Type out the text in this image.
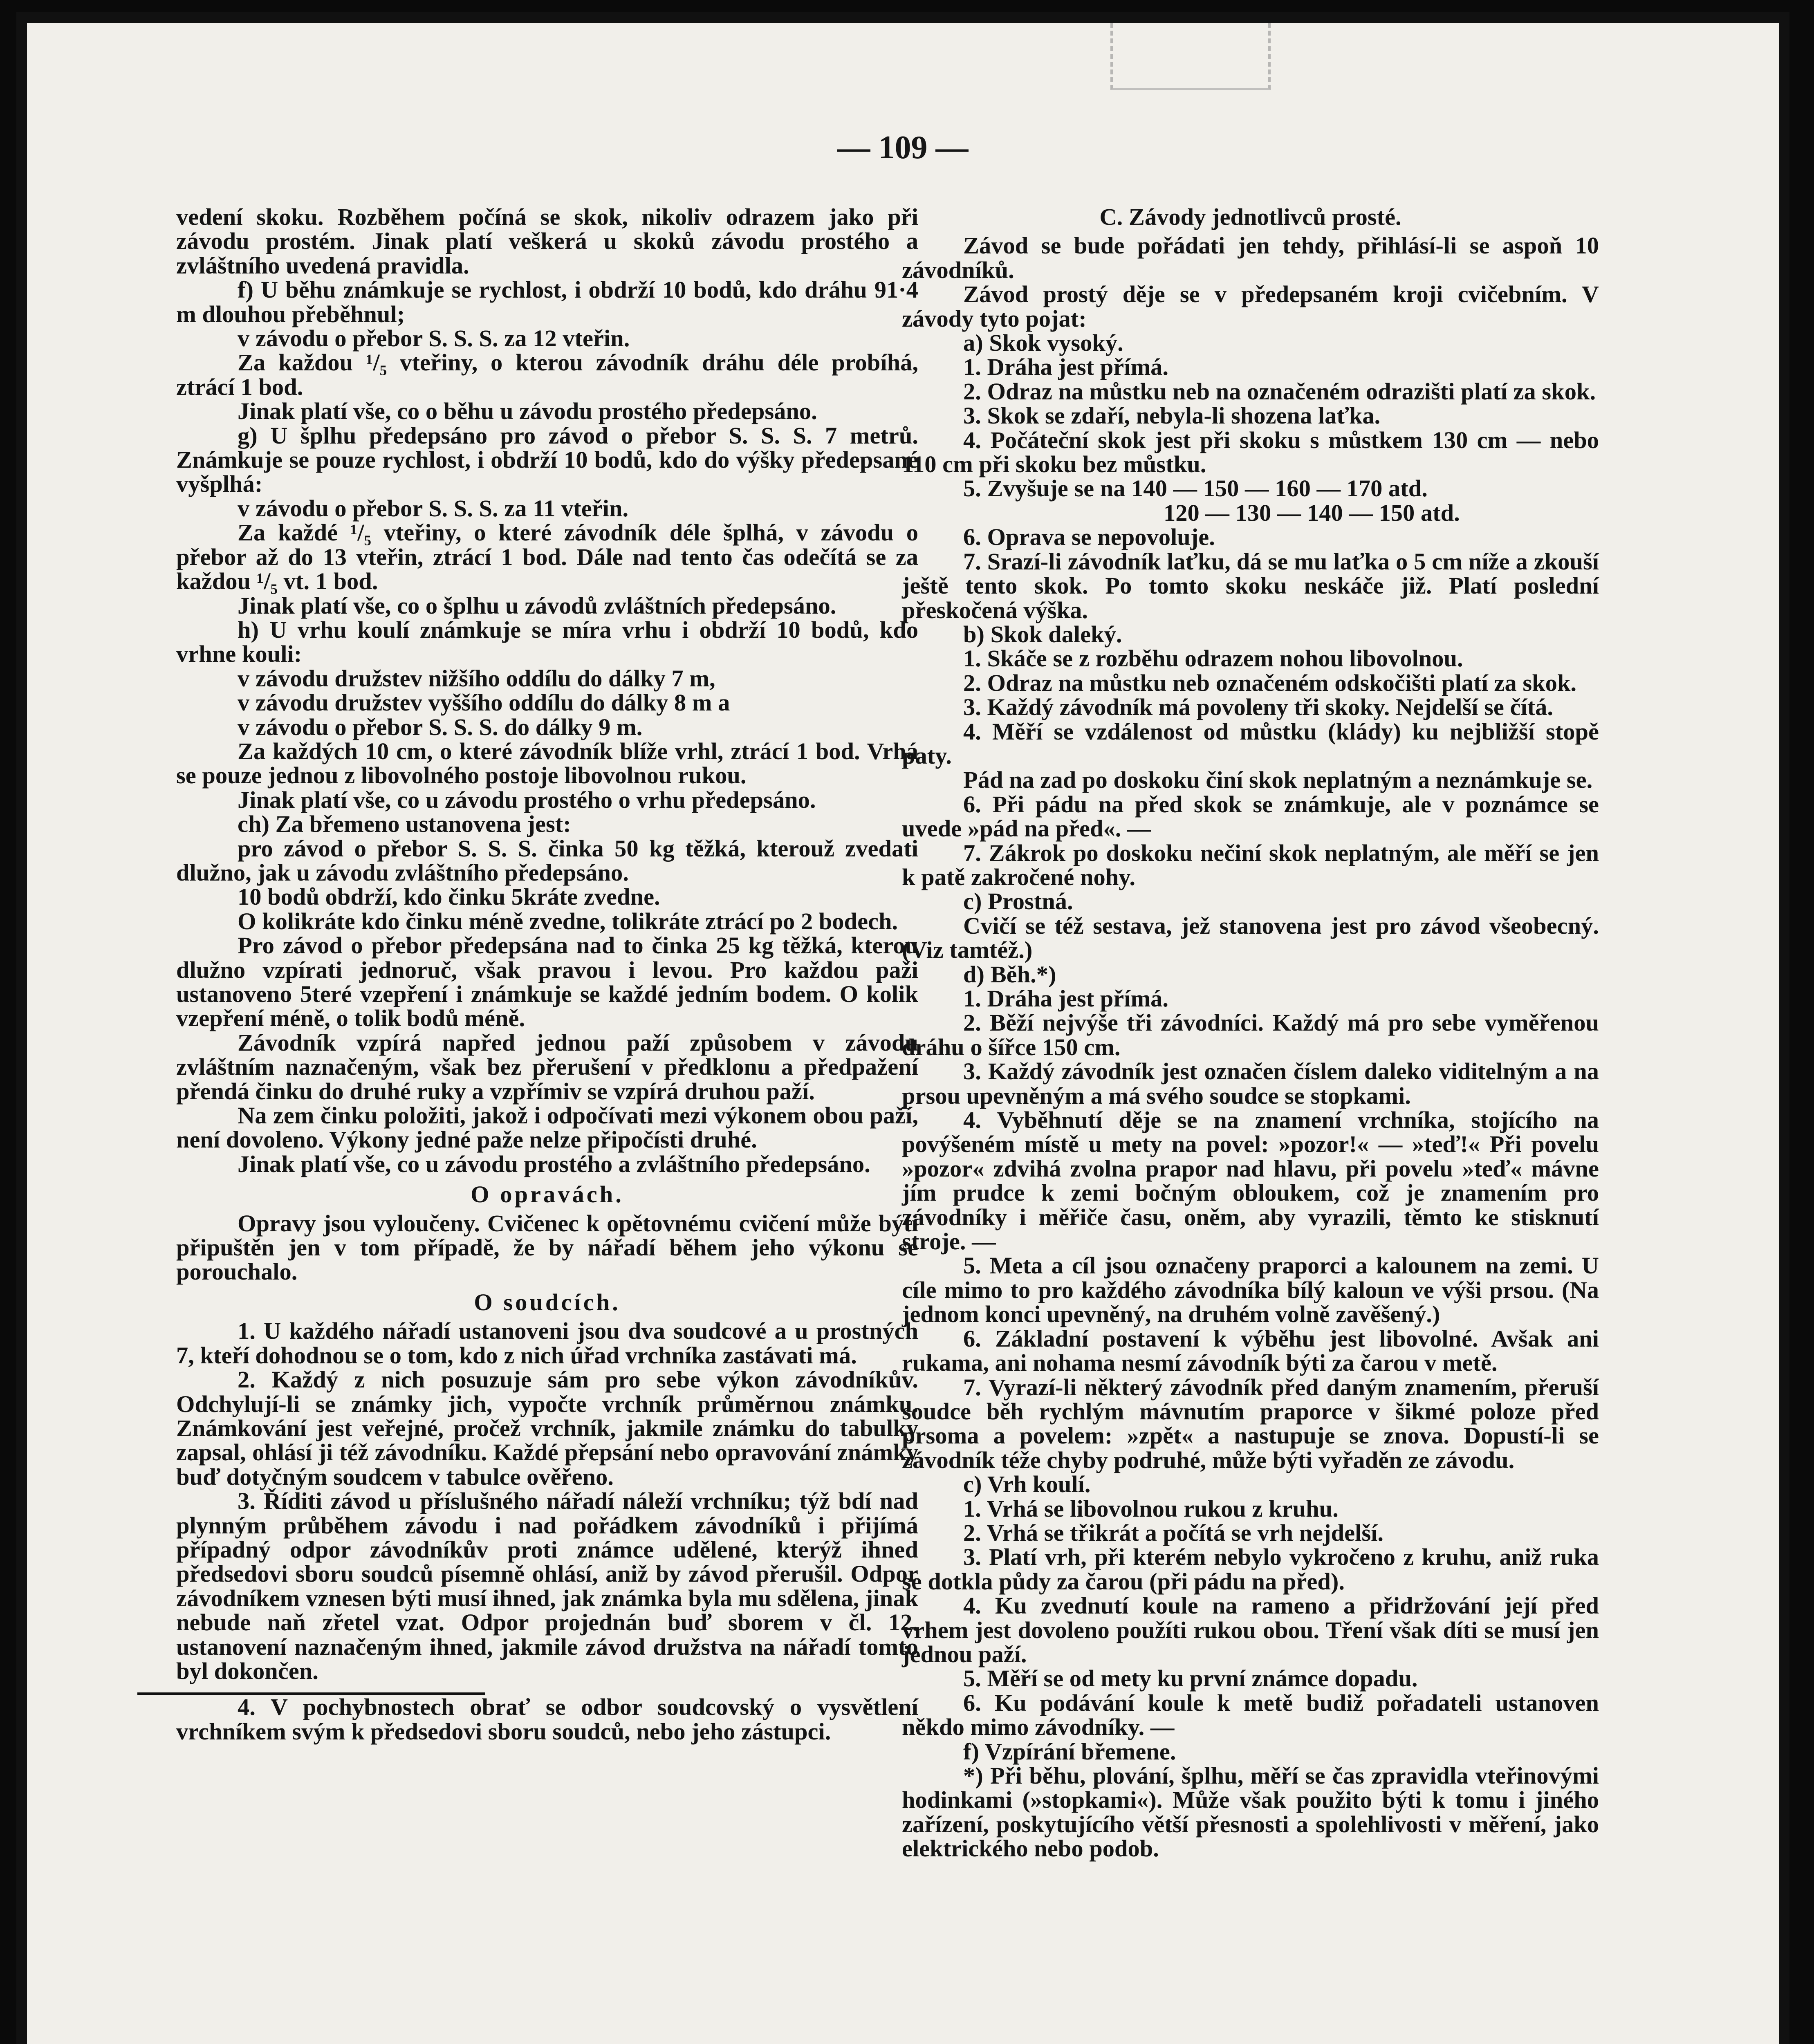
— 109 —

vedení skoku. Rozběhem počíná se skok, nikoliv odrazem jako při závodu prostém. Jinak platí veškerá u skoků závodu prostého a zvláštního uvedená pravidla.

f) U běhu známkuje se rychlost, i obdrží 10 bodů, kdo dráhu 91·4 m dlouhou přeběhnul;

v závodu o přebor S. S. S. za 12 vteřin.

Za každou ¹/₅ vteřiny, o kterou závodník dráhu déle probíhá, ztrácí 1 bod.

Jinak platí vše, co o běhu u závodu prostého předepsáno.

g) U šplhu předepsáno pro závod o přebor S. S. S. 7 metrů. Známkuje se pouze rychlost, i obdrží 10 bodů, kdo do výšky předepsané vyšplhá:

v závodu o přebor S. S. S. za 11 vteřin.

Za každé ¹/₅ vteřiny, o které závodník déle šplhá, v závodu o přebor až do 13 vteřin, ztrácí 1 bod. Dále nad tento čas odečítá se za každou ¹/₅ vt. 1 bod.

Jinak platí vše, co o šplhu u závodů zvláštních předepsáno.

h) U vrhu koulí známkuje se míra vrhu i obdrží 10 bodů, kdo vrhne kouli:

v závodu družstev nižšího oddílu do dálky 7 m,

v závodu družstev vyššího oddílu do dálky 8 m a

v závodu o přebor S. S. S. do dálky 9 m.

Za každých 10 cm, o které závodník blíže vrhl, ztrácí 1 bod. Vrhá se pouze jednou z libovolného postoje libovolnou rukou.

Jinak platí vše, co u závodu prostého o vrhu předepsáno.

ch) Za břemeno ustanovena jest:

pro závod o přebor S. S. S. činka 50 kg těžká, kterouž zvedati dlužno, jak u závodu zvláštního předepsáno.

10 bodů obdrží, kdo činku 5kráte zvedne.

O kolikráte kdo činku méně zvedne, tolikráte ztrácí po 2 bodech.

Pro závod o přebor předepsána nad to činka 25 kg těžká, kterou dlužno vzpírati jednoruč, však pravou i levou. Pro každou paži ustanoveno 5teré vzepření i známkuje se každé jedním bodem. O kolik vzepření méně, o tolik bodů méně.

Závodník vzpírá napřed jednou paží způsobem v závodu zvláštním naznačeným, však bez přerušení v předklonu a předpažení přendá činku do druhé ruky a vzpřímiv se vzpírá druhou paží.

Na zem činku položiti, jakož i odpočívati mezi výkonem obou paží, není dovoleno. Výkony jedné paže nelze připočísti druhé.

Jinak platí vše, co u závodu prostého a zvláštního předepsáno.

O opravách.

Opravy jsou vyloučeny. Cvičenec k opětovnému cvičení může býti připuštěn jen v tom případě, že by nářadí během jeho výkonu se porouchalo.

O soudcích.

1. U každého nářadí ustanoveni jsou dva soudcové a u prostných 7, kteří dohodnou se o tom, kdo z nich úřad vrchníka zastávati má.

2. Každý z nich posuzuje sám pro sebe výkon závodníkův. Odchylují-li se známky jich, vypočte vrchník průměrnou známku. Známkování jest veřejné, pročež vrchník, jakmile známku do tabulky zapsal, ohlásí ji též závodníku. Každé přepsání nebo opravování známky buď dotyčným soudcem v tabulce ověřeno.

3. Říditi závod u příslušného nářadí náleží vrchníku; týž bdí nad plynným průběhem závodu i nad pořádkem závodníků i přijímá případný odpor závodníkův proti známce udělené, kterýž ihned předsedovi sboru soudců písemně ohlásí, aniž by závod přerušil. Odpor závodníkem vznesen býti musí ihned, jak známka byla mu sdělena, jinak nebude naň zřetel vzat. Odpor projednán buď sborem v čl. 12. ustanovení naznačeným ihned, jakmile závod družstva na nářadí tomto byl dokončen.

4. V pochybnostech obrať se odbor soudcovský o vysvětlení vrchníkem svým k předsedovi sboru soudců, nebo jeho zástupci.

C. Závody jednotlivců prosté.

Závod se bude pořádati jen tehdy, přihlásí-li se aspoň 10 závodníků.

Závod prostý děje se v předepsaném kroji cvičebním. V závody tyto pojat:

a) Skok vysoký.

1. Dráha jest přímá.

2. Odraz na můstku neb na označeném odrazišti platí za skok.

3. Skok se zdaří, nebyla-li shozena laťka.

4. Počáteční skok jest při skoku s můstkem 130 cm — nebo 110 cm při skoku bez můstku.

5. Zvyšuje se na 140 — 150 — 160 — 170 atd.

120 — 130 — 140 — 150 atd.

6. Oprava se nepovoluje.

7. Srazí-li závodník laťku, dá se mu laťka o 5 cm níže a zkouší ještě tento skok. Po tomto skoku neskáče již. Platí poslední přeskočená výška.

b) Skok daleký.

1. Skáče se z rozběhu odrazem nohou libovolnou.

2. Odraz na můstku neb označeném odskočišti platí za skok.

3. Každý závodník má povoleny tři skoky. Nejdelší se čítá.

4. Měří se vzdálenost od můstku (klády) ku nejbližší stopě paty.

Pád na zad po doskoku činí skok neplatným a neznámkuje se.

6. Při pádu na před skok se známkuje, ale v poznámce se uvede »pád na před«. —

7. Zákrok po doskoku nečiní skok neplatným, ale měří se jen k patě zakročené nohy.

c) Prostná.

Cvičí se též sestava, jež stanovena jest pro závod všeobecný. (Viz tamtéž.)

d) Běh.*)

1. Dráha jest přímá.

2. Běží nejvýše tři závodníci. Každý má pro sebe vyměřenou dráhu o šířce 150 cm.

3. Každý závodník jest označen číslem daleko viditelným a na prsou upevněným a má svého soudce se stopkami.

4. Vyběhnutí děje se na znamení vrchníka, stojícího na povýšeném místě u mety na povel: »pozor!« — »teď!« Při povelu »pozor« zdvihá zvolna prapor nad hlavu, při povelu »teď« mávne jím prudce k zemi bočným obloukem, což je znamením pro závodníky i měřiče času, oněm, aby vyrazili, těmto ke stisknutí stroje. —

5. Meta a cíl jsou označeny praporci a kalounem na zemi. U cíle mimo to pro každého závodníka bílý kaloun ve výši prsou. (Na jednom konci upevněný, na druhém volně zavěšený.)

6. Základní postavení k výběhu jest libovolné. Avšak ani rukama, ani nohama nesmí závodník býti za čarou v metě.

7. Vyrazí-li některý závodník před daným znamením, přeruší soudce běh rychlým mávnutím praporce v šikmé poloze před prsoma a povelem: »zpět« a nastupuje se znova. Dopustí-li se závodník téže chyby podruhé, může býti vyřaděn ze závodu.

c) Vrh koulí.

1. Vrhá se libovolnou rukou z kruhu.

2. Vrhá se třikrát a počítá se vrh nejdelší.

3. Platí vrh, při kterém nebylo vykročeno z kruhu, aniž ruka se dotkla půdy za čarou (při pádu na před).

4. Ku zvednutí koule na rameno a přidržování její před vrhem jest dovoleno použíti rukou obou. Tření však díti se musí jen jednou paží.

5. Měří se od mety ku první známce dopadu.

6. Ku podávání koule k metě budiž pořadateli ustanoven někdo mimo závodníky. —

f) Vzpírání břemene.

*) Při běhu, plování, šplhu, měří se čas zpravidla vteřinovými hodinkami (»stopkami«). Může však použito býti k tomu i jiného zařízení, poskytujícího větší přesnosti a spolehlivosti v měření, jako elektrického nebo podob.
